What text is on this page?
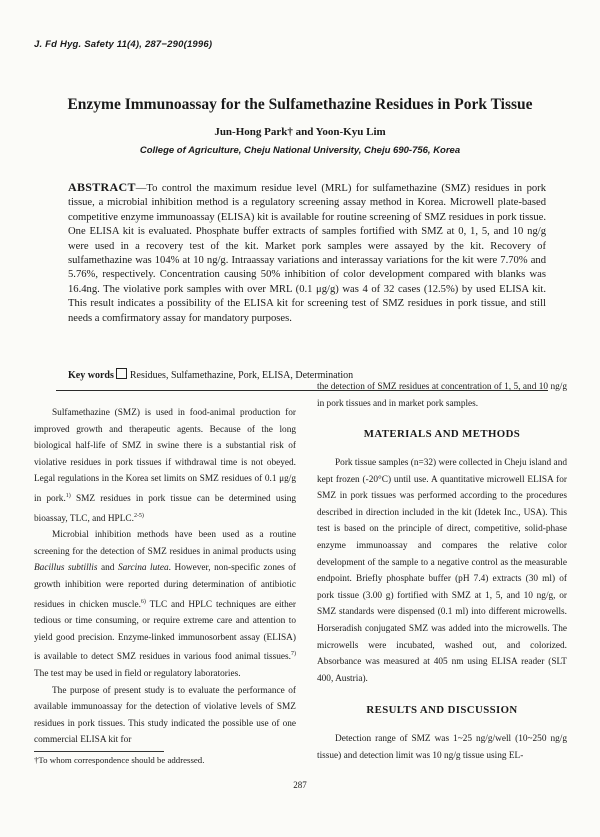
J. Fd Hyg. Safety 11(4), 287−290(1996)
Enzyme Immunoassay for the Sulfamethazine Residues in Pork Tissue
Jun-Hong Park† and Yoon-Kyu Lim
College of Agriculture, Cheju National University, Cheju 690-756, Korea
ABSTRACT—To control the maximum residue level (MRL) for sulfamethazine (SMZ) residues in pork tissue, a microbial inhibition method is a regulatory screening assay method in Korea. Microwell plate-based competitive enzyme immunoassay (ELISA) kit is available for routine screening of SMZ residues in pork tissue. One ELISA kit is evaluated. Phosphate buffer extracts of samples fortified with SMZ at 0, 1, 5, and 10 ng/g were used in a recovery test of the kit. Market pork samples were assayed by the kit. Recovery of sulfamethazine was 104% at 10 ng/g. Intraassay variations and interassay variations for the kit were 7.70% and 5.76%, respectively. Concentration causing 50% inhibition of color development compared with blanks was 16.4ng. The violative pork samples with over MRL (0.1 μg/g) was 4 of 32 cases (12.5%) by used ELISA kit. This result indicates a possibility of the ELISA kit for screening test of SMZ residues in pork tissue, and still needs a comfirmatory assay for mandatory purposes.
Key words Residues, Sulfamethazine, Pork, ELISA, Determination

Sulfamethazine (SMZ) is used in food-animal production for improved growth and therapeutic agents. Because of the long biological half-life of SMZ in swine there is a substantial risk of violative residues in pork tissues if withdrawal time is not obeyed. Legal regulations in the Korea set limits on SMZ residues of 0.1 μg/g in pork.$^{1)}$ SMZ residues in pork tissue can be determined using bioassay, TLC, and HPLC.$^{2-5)}$

Microbial inhibition methods have been used as a routine screening for the detection of SMZ residues in animal products using Bacillus subtillis and Sarcina lutea. However, non-specific zones of growth inhibition were reported during determination of antibiotic residues in chicken muscle.$^{6)}$ TLC and HPLC techniques are either tedious or time consuming, or require extreme care and attention to yield good precision. Enzyme-linked immunosorbent assay (ELISA) is available to detect SMZ residues in various food animal tissues.$^{7)}$ The test may be used in field or regulatory laboratories.

The purpose of present study is to evaluate the performance of available immunoassay for the detection of violative levels of SMZ residues in pork tissues. This study indicated the possible use of one commercial ELISA kit for

the detection of SMZ residues at concentration of 1, 5, and 10 ng/g in pork tissues and in market pork samples.

MATERIALS AND METHODS

Pork tissue samples (n=32) were collected in Cheju island and kept frozen (-20°C) until use. A quantitative microwell ELISA for SMZ in pork tissues was performed according to the procedures described in direction included in the kit (Idetek Inc., USA). This test is based on the principle of direct, competitive, solid-phase enzyme immunoassay and compares the relative color development of the sample to a negative control as the measurable endpoint. Briefly phosphate buffer (pH 7.4) extracts (30 ml) of pork tissue (3.00 g) fortified with SMZ at 1, 5, and 10 ng/g, or SMZ standards were dispensed (0.1 ml) into different microwells. Horseradish conjugated SMZ was added into the microwells. The microwells were incubated, washed out, and colorized. Absorbance was measured at 405 nm using ELISA reader (SLT 400, Austria).

RESULTS AND DISCUSSION

Detection range of SMZ was 1~25 ng/g/well (10~250 ng/g tissue) and detection limit was 10 ng/g tissue using EL-

†To whom correspondence should be addressed.
287
